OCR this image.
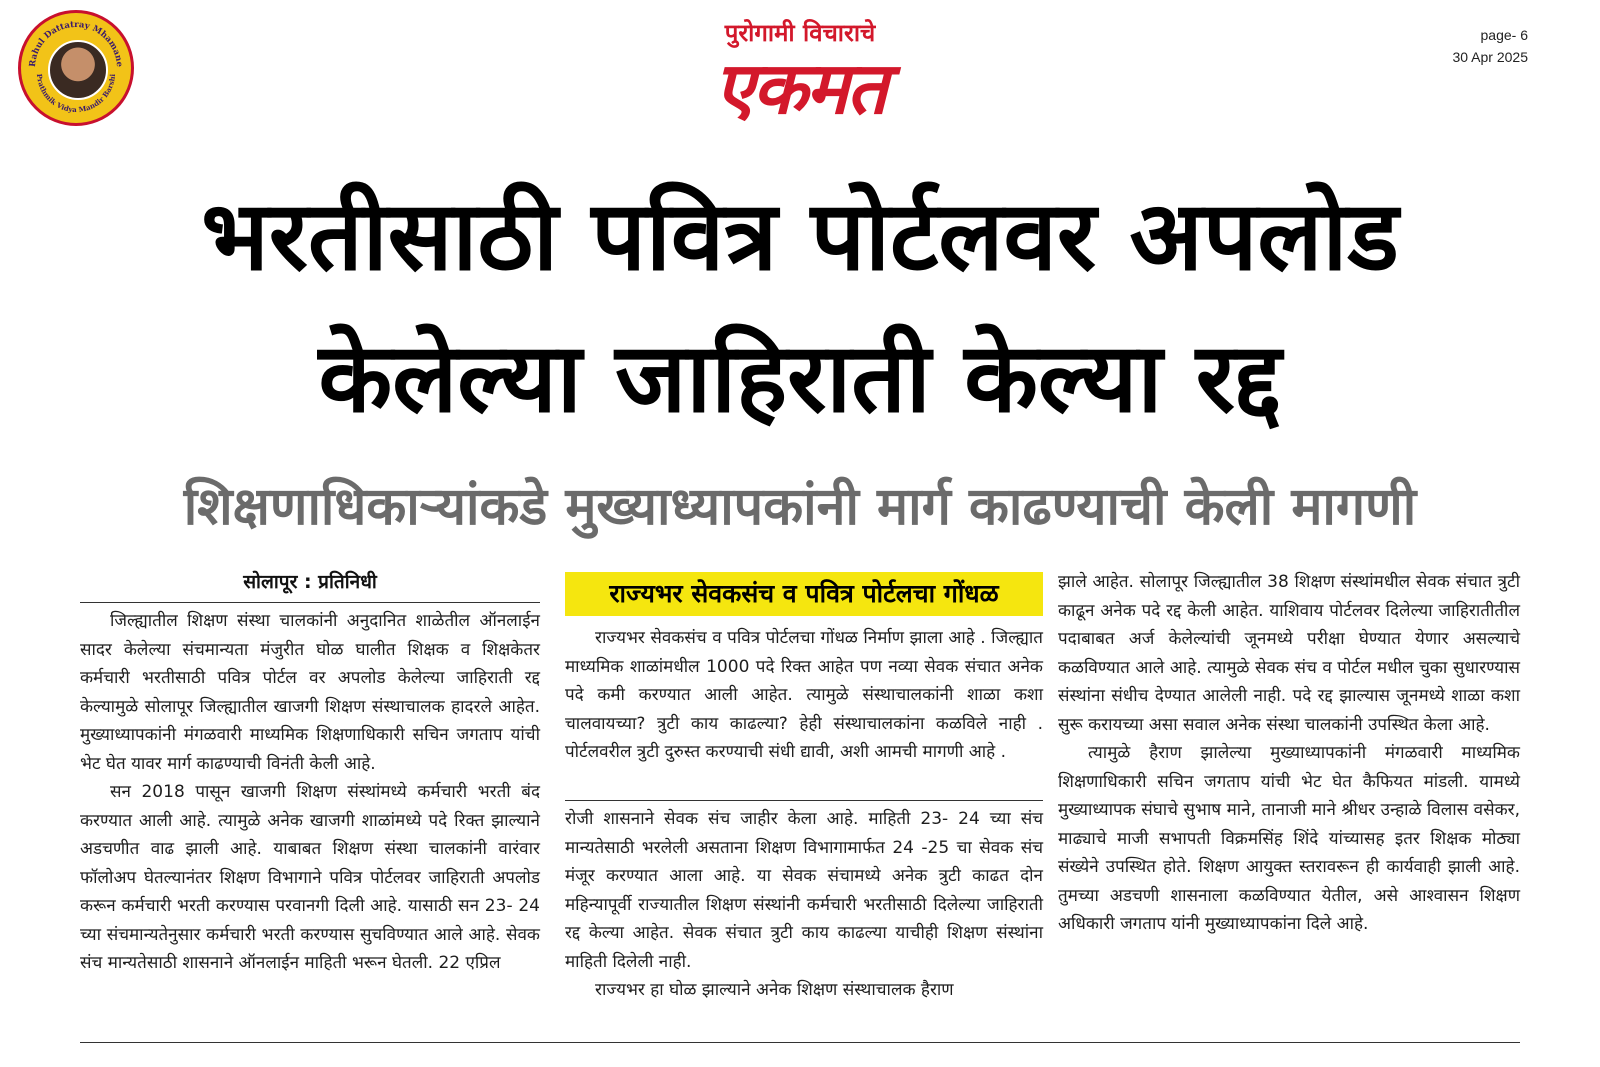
Rahul Dattatray Mhamane
Prathmik Vidya Mandir Barshi
पुरोगामी विचाराचे
एकमत
page- 6
30 Apr 2025
भरतीसाठी पवित्र पोर्टलवर अपलोड
केलेल्या जाहिराती केल्या रद्द
शिक्षणाधिकाऱ्यांकडे मुख्याध्यापकांनी मार्ग काढण्याची केली मागणी
सोलापूर : प्रतिनिधी

जिल्ह्यातील शिक्षण संस्था चालकांनी अनुदानित शाळेतील ऑनलाईन सादर केलेल्या संचमान्यता मंजुरीत घोळ घालीत शिक्षक व शिक्षकेतर कर्मचारी भरतीसाठी पवित्र पोर्टल वर अपलोड केलेल्या जाहिराती रद्द केल्यामुळे सोलापूर जिल्ह्यातील खाजगी शिक्षण संस्थाचालक हादरले आहेत. मुख्याध्यापकांनी मंगळवारी माध्यमिक शिक्षणाधिकारी सचिन जगताप यांची भेट घेत यावर मार्ग काढण्याची विनंती केली आहे.

सन 2018 पासून खाजगी शिक्षण संस्थांमध्ये कर्मचारी भरती बंद करण्यात आली आहे. त्यामुळे अनेक खाजगी शाळांमध्ये पदे रिक्त झाल्याने अडचणीत वाढ झाली आहे. याबाबत शिक्षण संस्था चालकांनी वारंवार फॉलोअप घेतल्यानंतर शिक्षण विभागाने पवित्र पोर्टलवर जाहिराती अपलोड करून कर्मचारी भरती करण्यास परवानगी दिली आहे. यासाठी सन 23- 24 च्या संचमान्यतेनुसार कर्मचारी भरती करण्यास सुचविण्यात आले आहे. सेवक संच मान्यतेसाठी शासनाने ऑनलाईन माहिती भरून घेतली. 22 एप्रिल

राज्यभर सेवकसंच व पवित्र पोर्टलचा गोंधळ

राज्यभर सेवकसंच व पवित्र पोर्टलचा गोंधळ निर्माण झाला आहे . जिल्ह्यात माध्यमिक शाळांमधील 1000 पदे रिक्त आहेत पण नव्या सेवक संचात अनेक पदे कमी करण्यात आली आहेत. त्यामुळे संस्थाचालकांनी शाळा कशा चालवायच्या? त्रुटी काय काढल्या? हेही संस्थाचालकांना कळविले नाही . पोर्टलवरील त्रुटी दुरुस्त करण्याची संधी द्यावी, अशी आमची मागणी आहे .

रोजी शासनाने सेवक संच जाहीर केला आहे. माहिती 23- 24 च्या संच मान्यतेसाठी भरलेली असताना शिक्षण विभागामार्फत 24 -25 चा सेवक संच मंजूर करण्यात आला आहे. या सेवक संचामध्ये अनेक त्रुटी काढत दोन महिन्यापूर्वी राज्यातील शिक्षण संस्थांनी कर्मचारी भरतीसाठी दिलेल्या जाहिराती रद्द केल्या आहेत. सेवक संचात त्रुटी काय काढल्या याचीही शिक्षण संस्थांना माहिती दिलेली नाही.

राज्यभर हा घोळ झाल्याने अनेक शिक्षण संस्थाचालक हैराण

झाले आहेत. सोलापूर जिल्ह्यातील 38 शिक्षण संस्थांमधील सेवक संचात त्रुटी काढून अनेक पदे रद्द केली आहेत. याशिवाय पोर्टलवर दिलेल्या जाहिरातीतील पदाबाबत अर्ज केलेल्यांची जूनमध्ये परीक्षा घेण्यात येणार असल्याचे कळविण्यात आले आहे. त्यामुळे सेवक संच व पोर्टल मधील चुका सुधारण्यास संस्थांना संधीच देण्यात आलेली नाही. पदे रद्द झाल्यास जूनमध्ये शाळा कशा सुरू करायच्या असा सवाल अनेक संस्था चालकांनी उपस्थित केला आहे.

त्यामुळे हैराण झालेल्या मुख्याध्यापकांनी मंगळवारी माध्यमिक शिक्षणाधिकारी सचिन जगताप यांची भेट घेत कैफियत मांडली. यामध्ये मुख्याध्यापक संघाचे सुभाष माने, तानाजी माने श्रीधर उन्हाळे विलास वसेकर, माढ्याचे माजी सभापती विक्रमसिंह शिंदे यांच्यासह इतर शिक्षक मोठ्या संख्येने उपस्थित होते. शिक्षण आयुक्त स्तरावरून ही कार्यवाही झाली आहे. तुमच्या अडचणी शासनाला कळविण्यात येतील, असे आश्वासन शिक्षण अधिकारी जगताप यांनी मुख्याध्यापकांना दिले आहे.
